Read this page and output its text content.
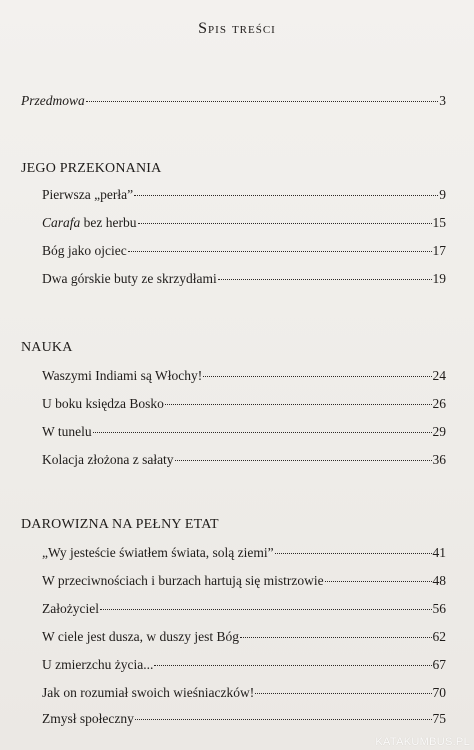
Spis treści
Przedmowa	3
JEGO PRZEKONANIA
Pierwsza „perła”	9
Carafa bez herbu	15
Bóg jako ojciec	17
Dwa górskie buty ze skrzydłami	19
NAUKA
Waszymi Indiami są Włochy!	24
U boku księdza Bosko	26
W tunelu	29
Kolacja złożona z sałaty	36
DAROWIZNA NA PEŁNY ETAT
„Wy jesteście światłem świata, solą ziemi”	41
W przeciwnościach i burzach hartują się mistrzowie	48
Założyciel	56
W ciele jest dusza, w duszy jest Bóg	62
U zmierzchu życia...	67
Jak on rozumiał swoich wieśniaczków!	70
Zmysł społeczny	75
KATAKUMBUS.PL
